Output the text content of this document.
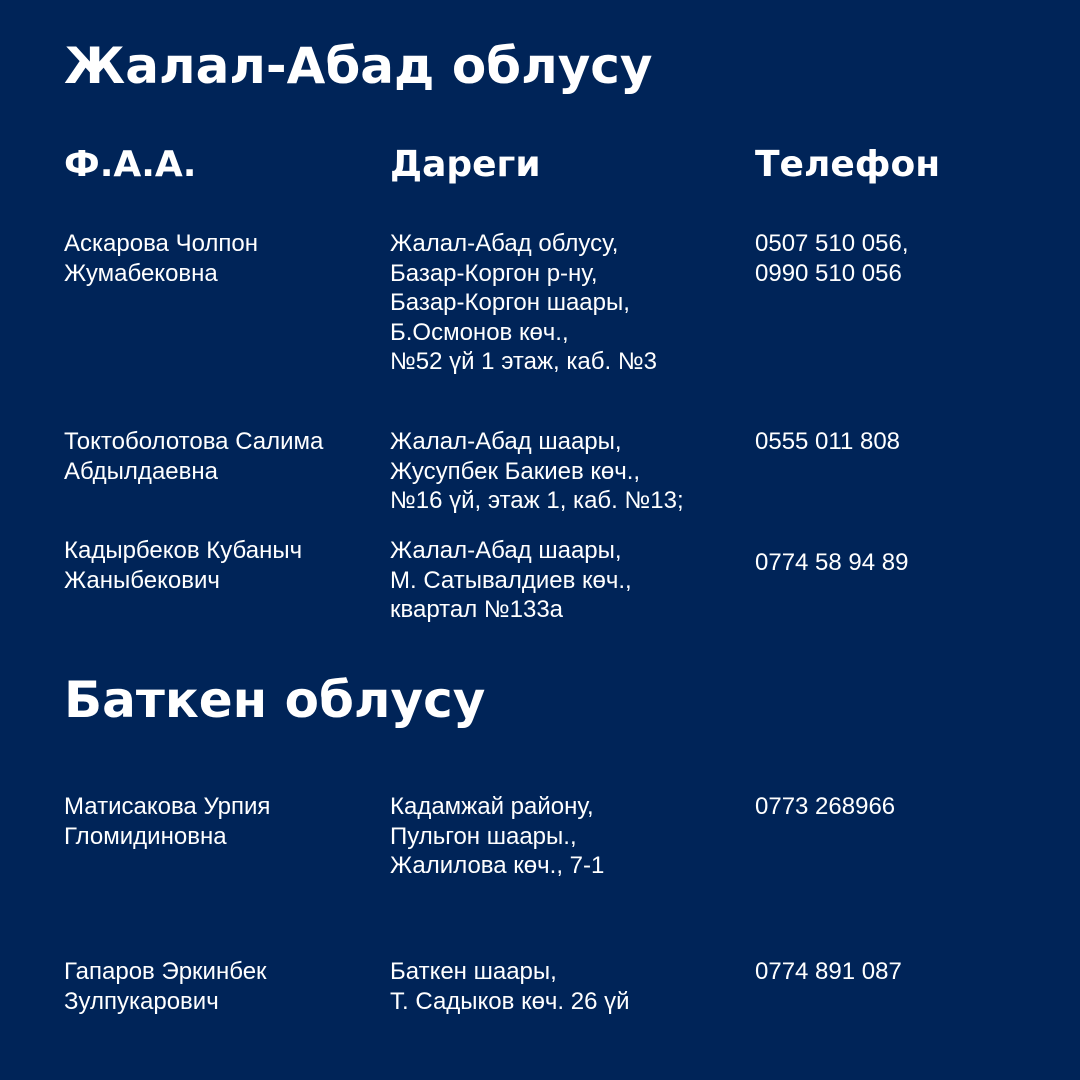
Жалал-Абад облусу
Ф.А.А.	Дареги	Телефон
Аскарова Чолпон
Жумабековна
Жалал-Абад облусу,
Базар-Коргон р-ну,
Базар-Коргон шаары,
Б.Осмонов көч.,
№52 үй 1 этаж, каб. №3
0507 510 056,
0990 510 056
Токтоболотова Салима
Абдылдаевна
Жалал-Абад шаары,
Жусупбек Бакиев көч.,
№16 үй, этаж 1, каб. №13;
0555 011 808
Кадырбеков Кубаныч
Жаныбекович
Жалал-Абад шаары,
М. Сатывалдиев көч.,
квартал №133а
0774 58 94 89
Баткен облусу
Матисакова Урпия
Гломидиновна
Кадамжай району,
Пульгон шаары.,
Жалилова көч., 7-1
0773 268966
Гапаров Эркинбек
Зулпукарович
Баткен шаары,
Т. Садыков көч. 26 үй
0774 891 087
